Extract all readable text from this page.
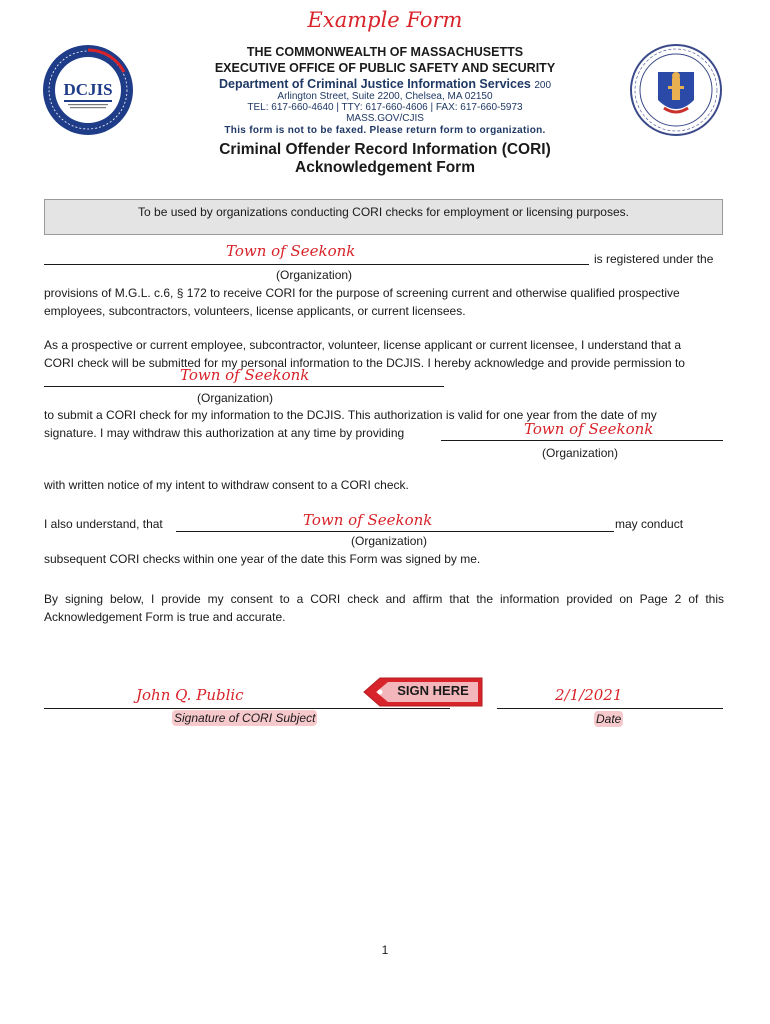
Example Form
DCJIS
THE COMMONWEALTH OF MASSACHUSETTS
EXECUTIVE OFFICE OF PUBLIC SAFETY AND SECURITY
Department of Criminal Justice Information Services 200
Arlington Street, Suite 2200, Chelsea, MA 02150
TEL: 617-660-4640 | TTY: 617-660-4606 | FAX: 617-660-5973
MASS.GOV/CJIS
This form is not to be faxed. Please return form to organization.
Criminal Offender Record Information (CORI)
Acknowledgement Form
To be used by organizations conducting CORI checks for employment or licensing purposes.
Town of Seekonk	is registered under the
(Organization)
provisions of M.G.L. c.6, § 172 to receive CORI for the purpose of screening current and otherwise qualified prospective
employees, subcontractors, volunteers, license applicants, or current licensees.
As a prospective or current employee, subcontractor, volunteer, license applicant or current licensee, I understand that a
CORI check will be submitted for my personal information to the DCJIS. I hereby acknowledge and provide permission to
Town of Seekonk
(Organization)
to submit a CORI check for my information to the DCJIS. This authorization is valid for one year from the date of my
signature. I may withdraw this authorization at any time by providing	Town of Seekonk
(Organization)
with written notice of my intent to withdraw consent to a CORI check.
I also understand, that	Town of Seekonk	may conduct
(Organization)
subsequent CORI checks within one year of the date this Form was signed by me.
By signing below, I provide my consent to a CORI check and affirm that the information provided on Page 2 of this
Acknowledgement Form is true and accurate.
John Q. Public	SIGN HERE
Signature of CORI Subject
2/1/2021
Date
1
